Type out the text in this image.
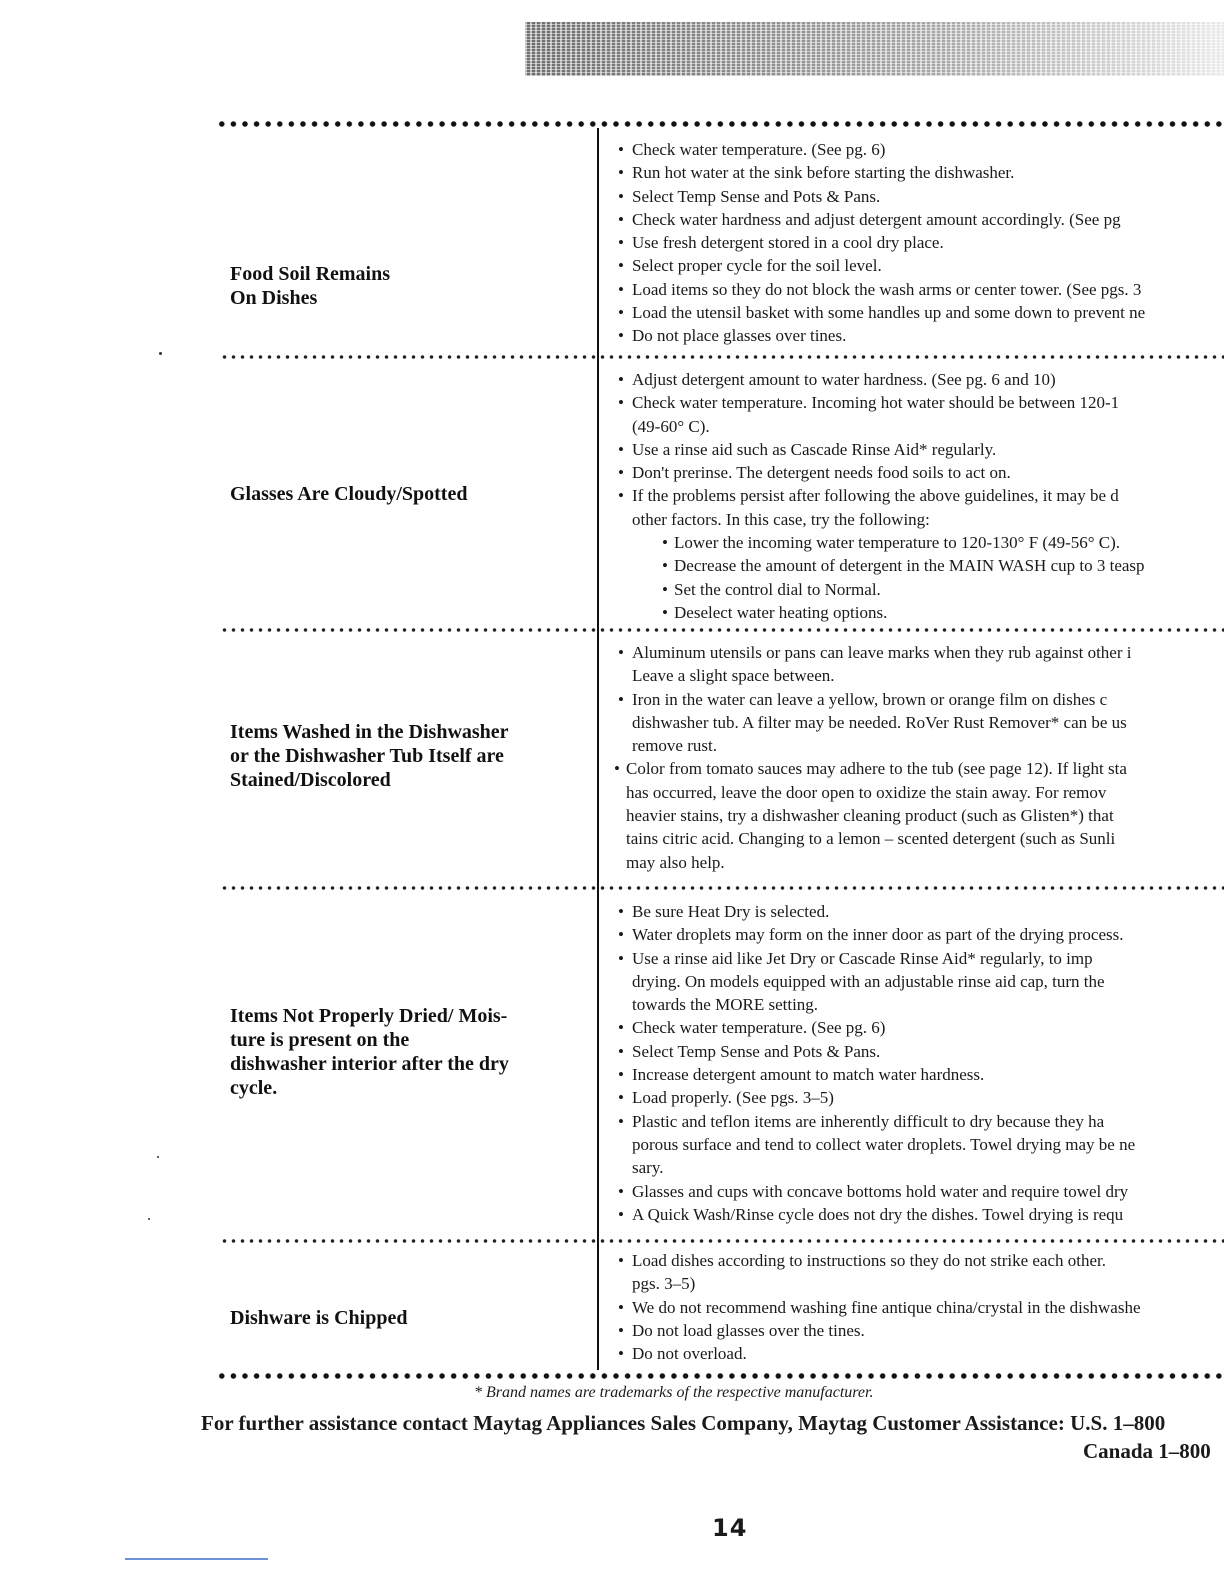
Food Soil Remains
On Dishes
• Check water temperature. (See pg. 6)
• Run hot water at the sink before starting the dishwasher.
• Select Temp Sense and Pots & Pans.
• Check water hardness and adjust detergent amount accordingly. (See pg
• Use fresh detergent stored in a cool dry place.
• Select proper cycle for the soil level.
• Load items so they do not block the wash arms or center tower. (See pgs. 3
• Load the utensil basket with some handles up and some down to prevent ne
• Do not place glasses over tines.
Glasses Are Cloudy/Spotted
• Adjust detergent amount to water hardness. (See pg. 6 and 10)
• Check water temperature. Incoming hot water should be between 120-1
(49-60° C).
• Use a rinse aid such as Cascade Rinse Aid* regularly.
• Don't prerinse. The detergent needs food soils to act on.
• If the problems persist after following the above guidelines, it may be d
other factors. In this case, try the following:
• Lower the incoming water temperature to 120-130° F (49-56° C).
• Decrease the amount of detergent in the MAIN WASH cup to 3 teasp
• Set the control dial to Normal.
• Deselect water heating options.
Items Washed in the Dishwasher
or the Dishwasher Tub Itself are
Stained/Discolored
• Aluminum utensils or pans can leave marks when they rub against other i
Leave a slight space between.
• Iron in the water can leave a yellow, brown or orange film on dishes c
dishwasher tub. A filter may be needed. RoVer Rust Remover* can be us
remove rust.
• Color from tomato sauces may adhere to the tub (see page 12). If light sta
has occurred, leave the door open to oxidize the stain away. For remov
heavier stains, try a dishwasher cleaning product (such as Glisten*) that
tains citric acid. Changing to a lemon – scented detergent (such as Sunli
may also help.
Items Not Properly Dried/ Mois-
ture is present on the
dishwasher interior after the dry
cycle.
• Be sure Heat Dry is selected.
• Water droplets may form on the inner door as part of the drying process.
• Use a rinse aid like Jet Dry or Cascade Rinse Aid* regularly, to imp
drying. On models equipped with an adjustable rinse aid cap, turn the
towards the MORE setting.
• Check water temperature. (See pg. 6)
• Select Temp Sense and Pots & Pans.
• Increase detergent amount to match water hardness.
• Load properly. (See pgs. 3–5)
• Plastic and teflon items are inherently difficult to dry because they ha
porous surface and tend to collect water droplets. Towel drying may be ne
sary.
• Glasses and cups with concave bottoms hold water and require towel dry
• A Quick Wash/Rinse cycle does not dry the dishes. Towel drying is requ
Dishware is Chipped
• Load dishes according to instructions so they do not strike each other.
pgs. 3–5)
• We do not recommend washing fine antique china/crystal in the dishwashe
• Do not load glasses over the tines.
• Do not overload.
* Brand names are trademarks of the respective manufacturer.
For further assistance contact Maytag Appliances Sales Company, Maytag Customer Assistance: U.S. 1–800
Canada 1–800
14
